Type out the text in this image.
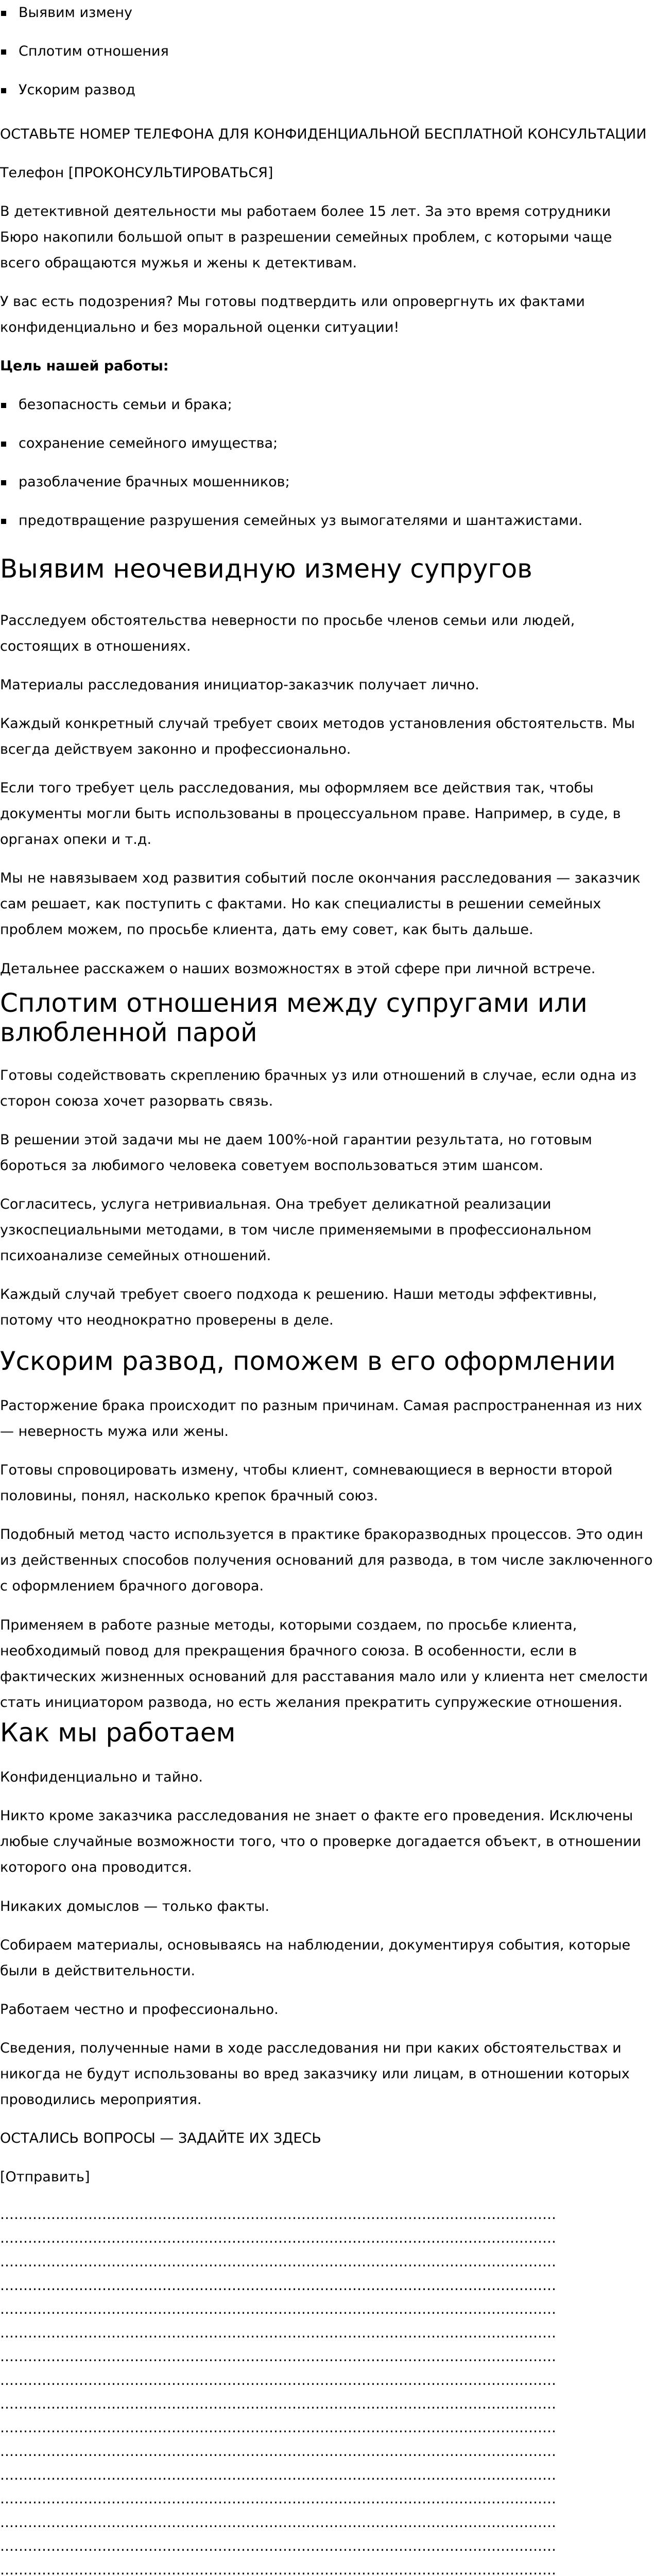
Выявим измену
Сплотим отношения
Ускорим развод

ОСТАВЬТЕ НОМЕР ТЕЛЕФОНА ДЛЯ КОНФИДЕНЦИАЛЬНОЙ БЕСПЛАТНОЙ КОНСУЛЬТАЦИИ

Телефон [ПРОКОНСУЛЬТИРОВАТЬСЯ]

В детективной деятельности мы работаем более 15 лет. За это время сотрудники Бюро накопили большой опыт в разрешении семейных проблем, с которыми чаще всего обращаются мужья и жены к детективам.

У вас есть подозрения? Мы готовы подтвердить или опровергнуть их фактами конфиденциально и без моральной оценки ситуации!

Цель нашей работы:

безопасность семьи и брака;
сохранение семейного имущества;
разоблачение брачных мошенников;
предотвращение разрушения семейных уз вымогателями и шантажистами.
Выявим неочевидную измену супругов

Расследуем обстоятельства неверности по просьбе членов семьи или людей, состоящих в отношениях.

Материалы расследования инициатор-заказчик получает лично.

Каждый конкретный случай требует своих методов установления обстоятельств. Мы всегда действуем законно и профессионально.

Если того требует цель расследования, мы оформляем все действия так, чтобы документы могли быть использованы в процессуальном праве. Например, в суде, в органах опеки и т.д.

Мы не навязываем ход развития событий после окончания расследования — заказчик сам решает, как поступить с фактами. Но как специалисты в решении семейных проблем можем, по просьбе клиента, дать ему совет, как быть дальше.

Детальнее расскажем о наших возможностях в этой сфере при личной встрече.

Сплотим отношения между супругами или влюбленной парой

Готовы содействовать скреплению брачных уз или отношений в случае, если одна из сторон союза хочет разорвать связь.

В решении этой задачи мы не даем 100%-ной гарантии результата, но готовым бороться за любимого человека советуем воспользоваться этим шансом.

Согласитесь, услуга нетривиальная. Она требует деликатной реализации узкоспециальными методами, в том числе применяемыми в профессиональном психоанализе семейных отношений.

Каждый случай требует своего подхода к решению. Наши методы эффективны, потому что неоднократно проверены в деле.

Ускорим развод, поможем в его оформлении

Расторжение брака происходит по разным причинам. Самая распространенная из них — неверность мужа или жены.

Готовы спровоцировать измену, чтобы клиент, сомневающиеся в верности второй половины, понял, насколько крепок брачный союз.

Подобный метод часто используется в практике бракоразводных процессов. Это один из действенных способов получения оснований для развода, в том числе заключенного с оформлением брачного договора.

Применяем в работе разные методы, которыми создаем, по просьбе клиента, необходимый повод для прекращения брачного союза. В особенности, если в фактических жизненных оснований для расставания мало или у клиента нет смелости стать инициатором развода, но есть желания прекратить супружеские отношения.

Как мы работаем

Конфиденциально и тайно.

Никто кроме заказчика расследования не знает о факте его проведения. Исключены любые случайные возможности того, что о проверке догадается объект, в отношении которого она проводится.

Никаких домыслов — только факты.

Собираем материалы, основываясь на наблюдении, документируя события, которые были в действительности.

Работаем честно и профессионально.

Сведения, полученные нами в ходе расследования ни при каких обстоятельствах и никогда не будут использованы во вред заказчику или лицам, в отношении которых проводились мероприятия.

ОСТАЛИСЬ ВОПРОСЫ — ЗАДАЙТЕ ИХ ЗДЕСЬ

[Отправить]

…………………………………………………………………………………………………………
…………………………………………………………………………………………………………
…………………………………………………………………………………………………………
…………………………………………………………………………………………………………
…………………………………………………………………………………………………………
…………………………………………………………………………………………………………
…………………………………………………………………………………………………………
…………………………………………………………………………………………………………
…………………………………………………………………………………………………………
…………………………………………………………………………………………………………
…………………………………………………………………………………………………………
…………………………………………………………………………………………………………
…………………………………………………………………………………………………………
…………………………………………………………………………………………………………
…………………………………………………………………………………………………………
…………………………………………………………………………………………………………
